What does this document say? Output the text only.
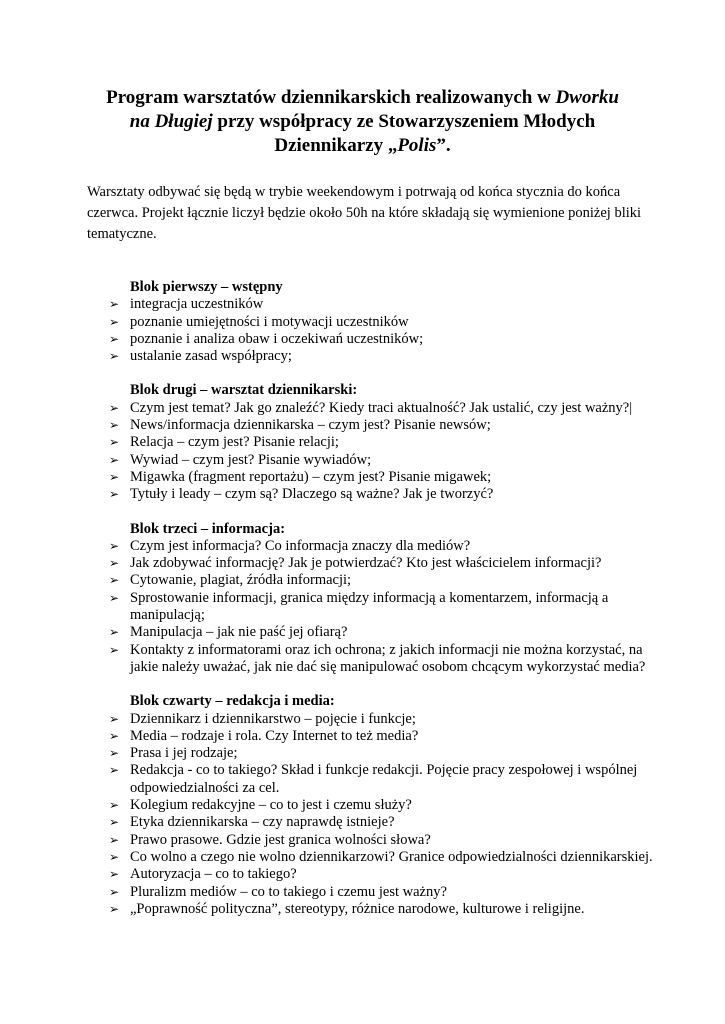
Program warsztatów dziennikarskich realizowanych w Dworku
na Długiej przy współpracy ze Stowarzyszeniem Młodych
Dziennikarzy „Polis”.
Warsztaty odbywać się będą w trybie weekendowym i potrwają od końca stycznia do końca czerwca. Projekt łącznie liczył będzie około 50h na które składają się wymienione poniżej bliki tematyczne.
Blok pierwszy – wstępny
➢ integracja uczestników
➢ poznanie umiejętności i motywacji uczestników
➢ poznanie i analiza obaw i oczekiwań uczestników;
➢ ustalanie zasad współpracy;
Blok drugi – warsztat dziennikarski:
➢ Czym jest temat? Jak go znaleźć? Kiedy traci aktualność? Jak ustalić, czy jest ważny?|
➢ News/informacja dziennikarska – czym jest? Pisanie newsów;
➢ Relacja – czym jest? Pisanie relacji;
➢ Wywiad – czym jest? Pisanie wywiadów;
➢ Migawka (fragment reportażu) – czym jest? Pisanie migawek;
➢ Tytuły i leady – czym są? Dlaczego są ważne? Jak je tworzyć?
Blok trzeci – informacja:
➢ Czym jest informacja? Co informacja znaczy dla mediów?
➢ Jak zdobywać informację? Jak je potwierdzać? Kto jest właścicielem informacji?
➢ Cytowanie, plagiat, źródła informacji;
➢ Sprostowanie informacji, granica między informacją a komentarzem, informacją a manipulacją;
➢ Manipulacja – jak nie paść jej ofiarą?
➢ Kontakty z informatorami oraz ich ochrona; z jakich informacji nie można korzystać, na jakie należy uważać, jak nie dać się manipulować osobom chcącym wykorzystać media?
Blok czwarty – redakcja i media:
➢ Dziennikarz i dziennikarstwo – pojęcie i funkcje;
➢ Media – rodzaje i rola. Czy Internet to też media?
➢ Prasa i jej rodzaje;
➢ Redakcja - co to takiego? Skład i funkcje redakcji. Pojęcie pracy zespołowej i wspólnej odpowiedzialności za cel.
➢ Kolegium redakcyjne – co to jest i czemu służy?
➢ Etyka dziennikarska – czy naprawdę istnieje?
➢ Prawo prasowe. Gdzie jest granica wolności słowa?
➢ Co wolno a czego nie wolno dziennikarzowi? Granice odpowiedzialności dziennikarskiej.
➢ Autoryzacja – co to takiego?
➢ Pluralizm mediów – co to takiego i czemu jest ważny?
➢ „Poprawność polityczna”, stereotypy, różnice narodowe, kulturowe i religijne.
